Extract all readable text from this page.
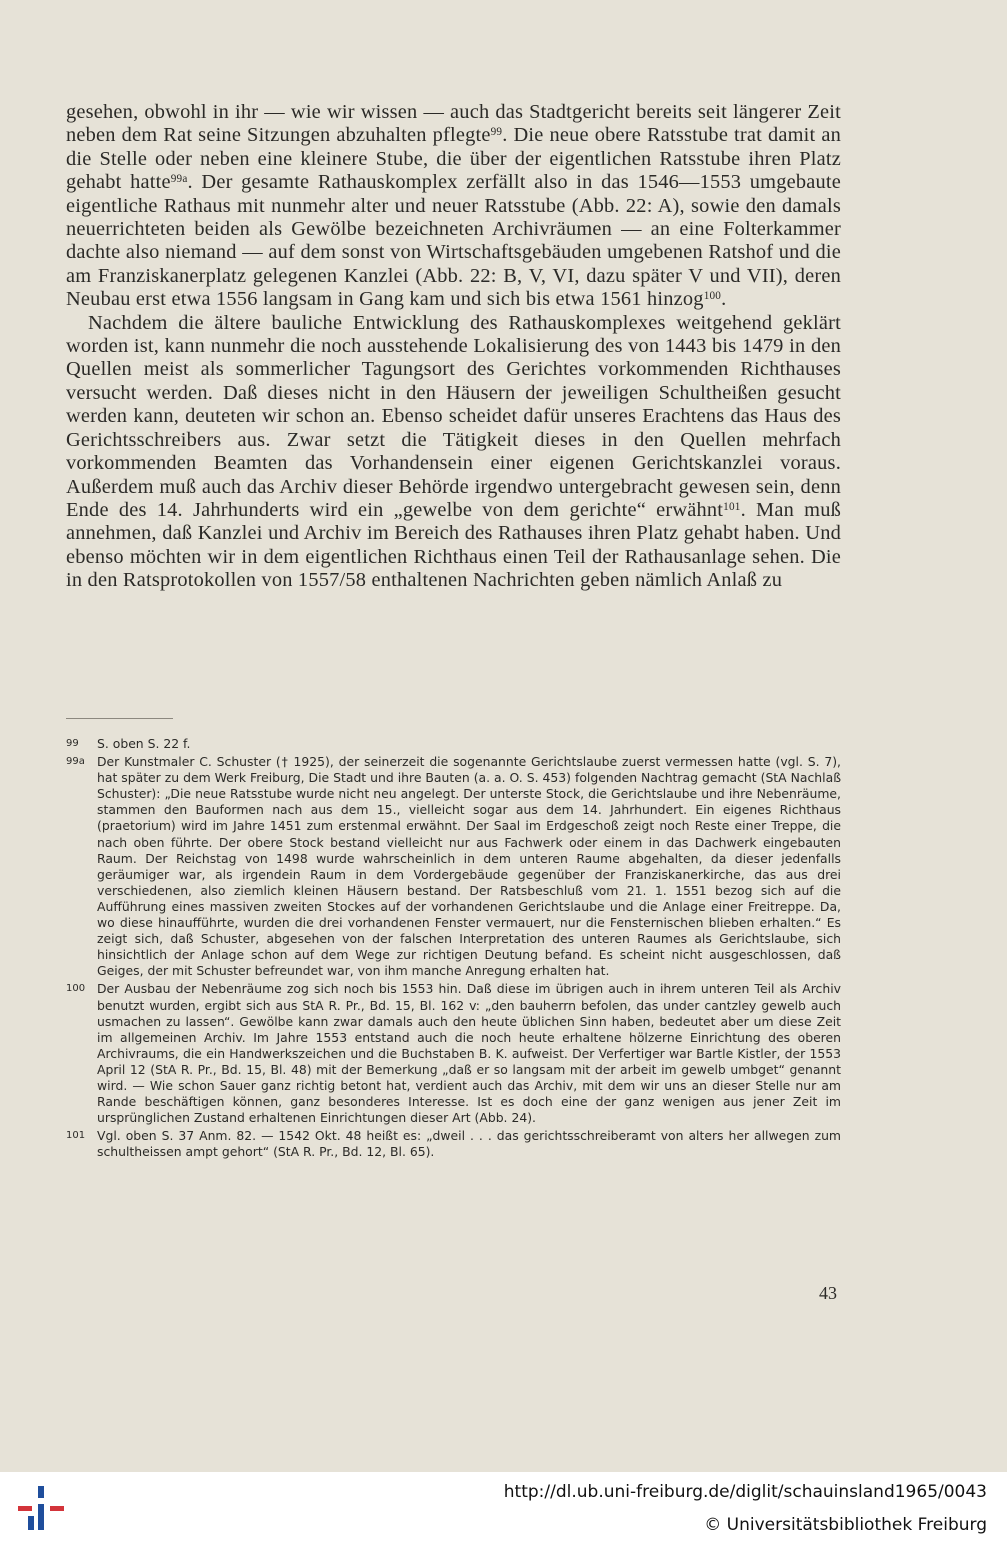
gesehen, obwohl in ihr — wie wir wissen — auch das Stadtgericht bereits seit längerer Zeit neben dem Rat seine Sitzungen abzuhalten pflegte$^{99}$. Die neue obere Ratsstube trat damit an die Stelle oder neben eine kleinere Stube, die über der eigentlichen Ratsstube ihren Platz gehabt hatte$^{99a}$. Der gesamte Rathauskomplex zerfällt also in das 1546—1553 umgebaute eigentliche Rathaus mit nunmehr alter und neuer Ratsstube (Abb. 22: A), sowie den damals neuerrichteten beiden als Gewölbe bezeichneten Archivräumen — an eine Folterkammer dachte also niemand — auf dem sonst von Wirtschaftsgebäuden umgebenen Ratshof und die am Franziskanerplatz gelegenen Kanzlei (Abb. 22: B, V, VI, dazu später V und VII), deren Neubau erst etwa 1556 langsam in Gang kam und sich bis etwa 1561 hinzog$^{100}$.

Nachdem die ältere bauliche Entwicklung des Rathauskomplexes weitgehend geklärt worden ist, kann nunmehr die noch ausstehende Lokalisierung des von 1443 bis 1479 in den Quellen meist als sommerlicher Tagungsort des Gerichtes vorkommenden Richthauses versucht werden. Daß dieses nicht in den Häusern der jeweiligen Schultheißen gesucht werden kann, deuteten wir schon an. Ebenso scheidet dafür unseres Erachtens das Haus des Gerichtsschreibers aus. Zwar setzt die Tätigkeit dieses in den Quellen mehrfach vorkommenden Beamten das Vorhandensein einer eigenen Gerichtskanzlei voraus. Außerdem muß auch das Archiv dieser Behörde irgendwo untergebracht gewesen sein, denn Ende des 14. Jahrhunderts wird ein „gewelbe von dem gerichte“ erwähnt$^{101}$. Man muß annehmen, daß Kanzlei und Archiv im Bereich des Rathauses ihren Platz gehabt haben. Und ebenso möchten wir in dem eigentlichen Richthaus einen Teil der Rathausanlage sehen. Die in den Ratsprotokollen von 1557/58 enthaltenen Nachrichten geben nämlich Anlaß zu

99 S. oben S. 22 f.
99a Der Kunstmaler C. Schuster († 1925), der seinerzeit die sogenannte Gerichtslaube zuerst vermessen hatte (vgl. S. 7), hat später zu dem Werk Freiburg, Die Stadt und ihre Bauten (a. a. O. S. 453) folgenden Nachtrag gemacht (StA Nachlaß Schuster): „Die neue Ratsstube wurde nicht neu angelegt. Der unterste Stock, die Gerichtslaube und ihre Nebenräume, stammen den Bauformen nach aus dem 15., vielleicht sogar aus dem 14. Jahrhundert. Ein eigenes Richthaus (praetorium) wird im Jahre 1451 zum erstenmal erwähnt. Der Saal im Erdgeschoß zeigt noch Reste einer Treppe, die nach oben führte. Der obere Stock bestand vielleicht nur aus Fachwerk oder einem in das Dachwerk eingebauten Raum. Der Reichstag von 1498 wurde wahrscheinlich in dem unteren Raume abgehalten, da dieser jedenfalls geräumiger war, als irgendein Raum in dem Vordergebäude gegenüber der Franziskanerkirche, das aus drei verschiedenen, also ziemlich kleinen Häusern bestand. Der Ratsbeschluß vom 21. 1. 1551 bezog sich auf die Aufführung eines massiven zweiten Stockes auf der vorhandenen Gerichtslaube und die Anlage einer Freitreppe. Da, wo diese hinaufführte, wurden die drei vorhandenen Fenster vermauert, nur die Fensternischen blieben erhalten.“ Es zeigt sich, daß Schuster, abgesehen von der falschen Interpretation des unteren Raumes als Gerichtslaube, sich hinsichtlich der Anlage schon auf dem Wege zur richtigen Deutung befand. Es scheint nicht ausgeschlossen, daß Geiges, der mit Schuster befreundet war, von ihm manche Anregung erhalten hat.
100 Der Ausbau der Nebenräume zog sich noch bis 1553 hin. Daß diese im übrigen auch in ihrem unteren Teil als Archiv benutzt wurden, ergibt sich aus StA R. Pr., Bd. 15, Bl. 162 v: „den bauherrn befolen, das under cantzley gewelb auch usmachen zu lassen“. Gewölbe kann zwar damals auch den heute üblichen Sinn haben, bedeutet aber um diese Zeit im allgemeinen Archiv. Im Jahre 1553 entstand auch die noch heute erhaltene hölzerne Einrichtung des oberen Archivraums, die ein Handwerkszeichen und die Buchstaben B. K. aufweist. Der Verfertiger war Bartle Kistler, der 1553 April 12 (StA R. Pr., Bd. 15, Bl. 48) mit der Bemerkung „daß er so langsam mit der arbeit im gewelb umbget“ genannt wird. — Wie schon Sauer ganz richtig betont hat, verdient auch das Archiv, mit dem wir uns an dieser Stelle nur am Rande beschäftigen können, ganz besonderes Interesse. Ist es doch eine der ganz wenigen aus jener Zeit im ursprünglichen Zustand erhaltenen Einrichtungen dieser Art (Abb. 24).
101 Vgl. oben S. 37 Anm. 82. — 1542 Okt. 48 heißt es: „dweil . . . das gerichtsschreiberamt von alters her allwegen zum schultheissen ampt gehort“ (StA R. Pr., Bd. 12, Bl. 65).
43
http://dl.ub.uni-freiburg.de/diglit/schauinsland1965/0043
© Universitätsbibliothek Freiburg
